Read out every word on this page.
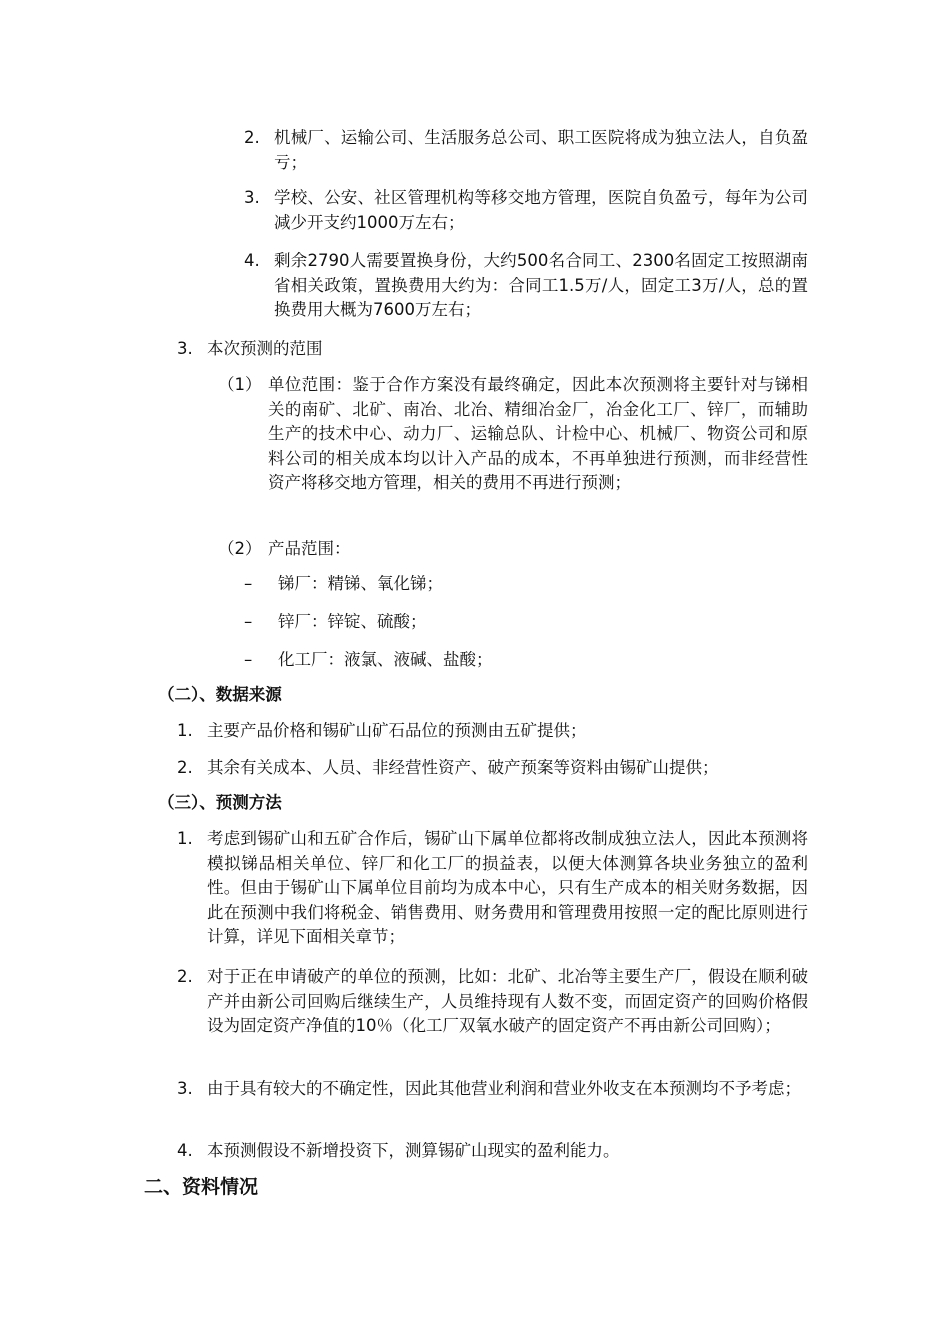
2. 机械厂、运输公司、生活服务总公司、职工医院将成为独立法人，自负盈亏；
3. 学校、公安、社区管理机构等移交地方管理，医院自负盈亏，每年为公司减少开支约1000万左右；
4. 剩余2790人需要置换身份，大约500名合同工、2300名固定工按照湖南省相关政策，置换费用大约为：合同工1.5万/人，固定工3万/人，总的置换费用大概为7600万左右；
3. 本次预测的范围
（1） 单位范围：鉴于合作方案没有最终确定，因此本次预测将主要针对与锑相关的南矿、北矿、南冶、北冶、精细冶金厂，冶金化工厂、锌厂，而辅助生产的技术中心、动力厂、运输总队、计检中心、机械厂、物资公司和原料公司的相关成本均以计入产品的成本，不再单独进行预测，而非经营性资产将移交地方管理，相关的费用不再进行预测；
（2） 产品范围：
– 锑厂：精锑、氧化锑；
– 锌厂：锌锭、硫酸；
– 化工厂：液氯、液碱、盐酸；
（二）、数据来源
1. 主要产品价格和锡矿山矿石品位的预测由五矿提供；
2. 其余有关成本、人员、非经营性资产、破产预案等资料由锡矿山提供；
（三）、预测方法
1. 考虑到锡矿山和五矿合作后，锡矿山下属单位都将改制成独立法人，因此本预测将模拟锑品相关单位、锌厂和化工厂的损益表，以便大体测算各块业务独立的盈利性。但由于锡矿山下属单位目前均为成本中心，只有生产成本的相关财务数据，因此在预测中我们将税金、销售费用、财务费用和管理费用按照一定的配比原则进行计算，详见下面相关章节；
2. 对于正在申请破产的单位的预测，比如：北矿、北冶等主要生产厂，假设在顺利破产并由新公司回购后继续生产，人员维持现有人数不变，而固定资产的回购价格假设为固定资产净值的10％（化工厂双氧水破产的固定资产不再由新公司回购）；
3. 由于具有较大的不确定性，因此其他营业利润和营业外收支在本预测均不予考虑；
4. 本预测假设不新增投资下，测算锡矿山现实的盈利能力。
二、资料情况
